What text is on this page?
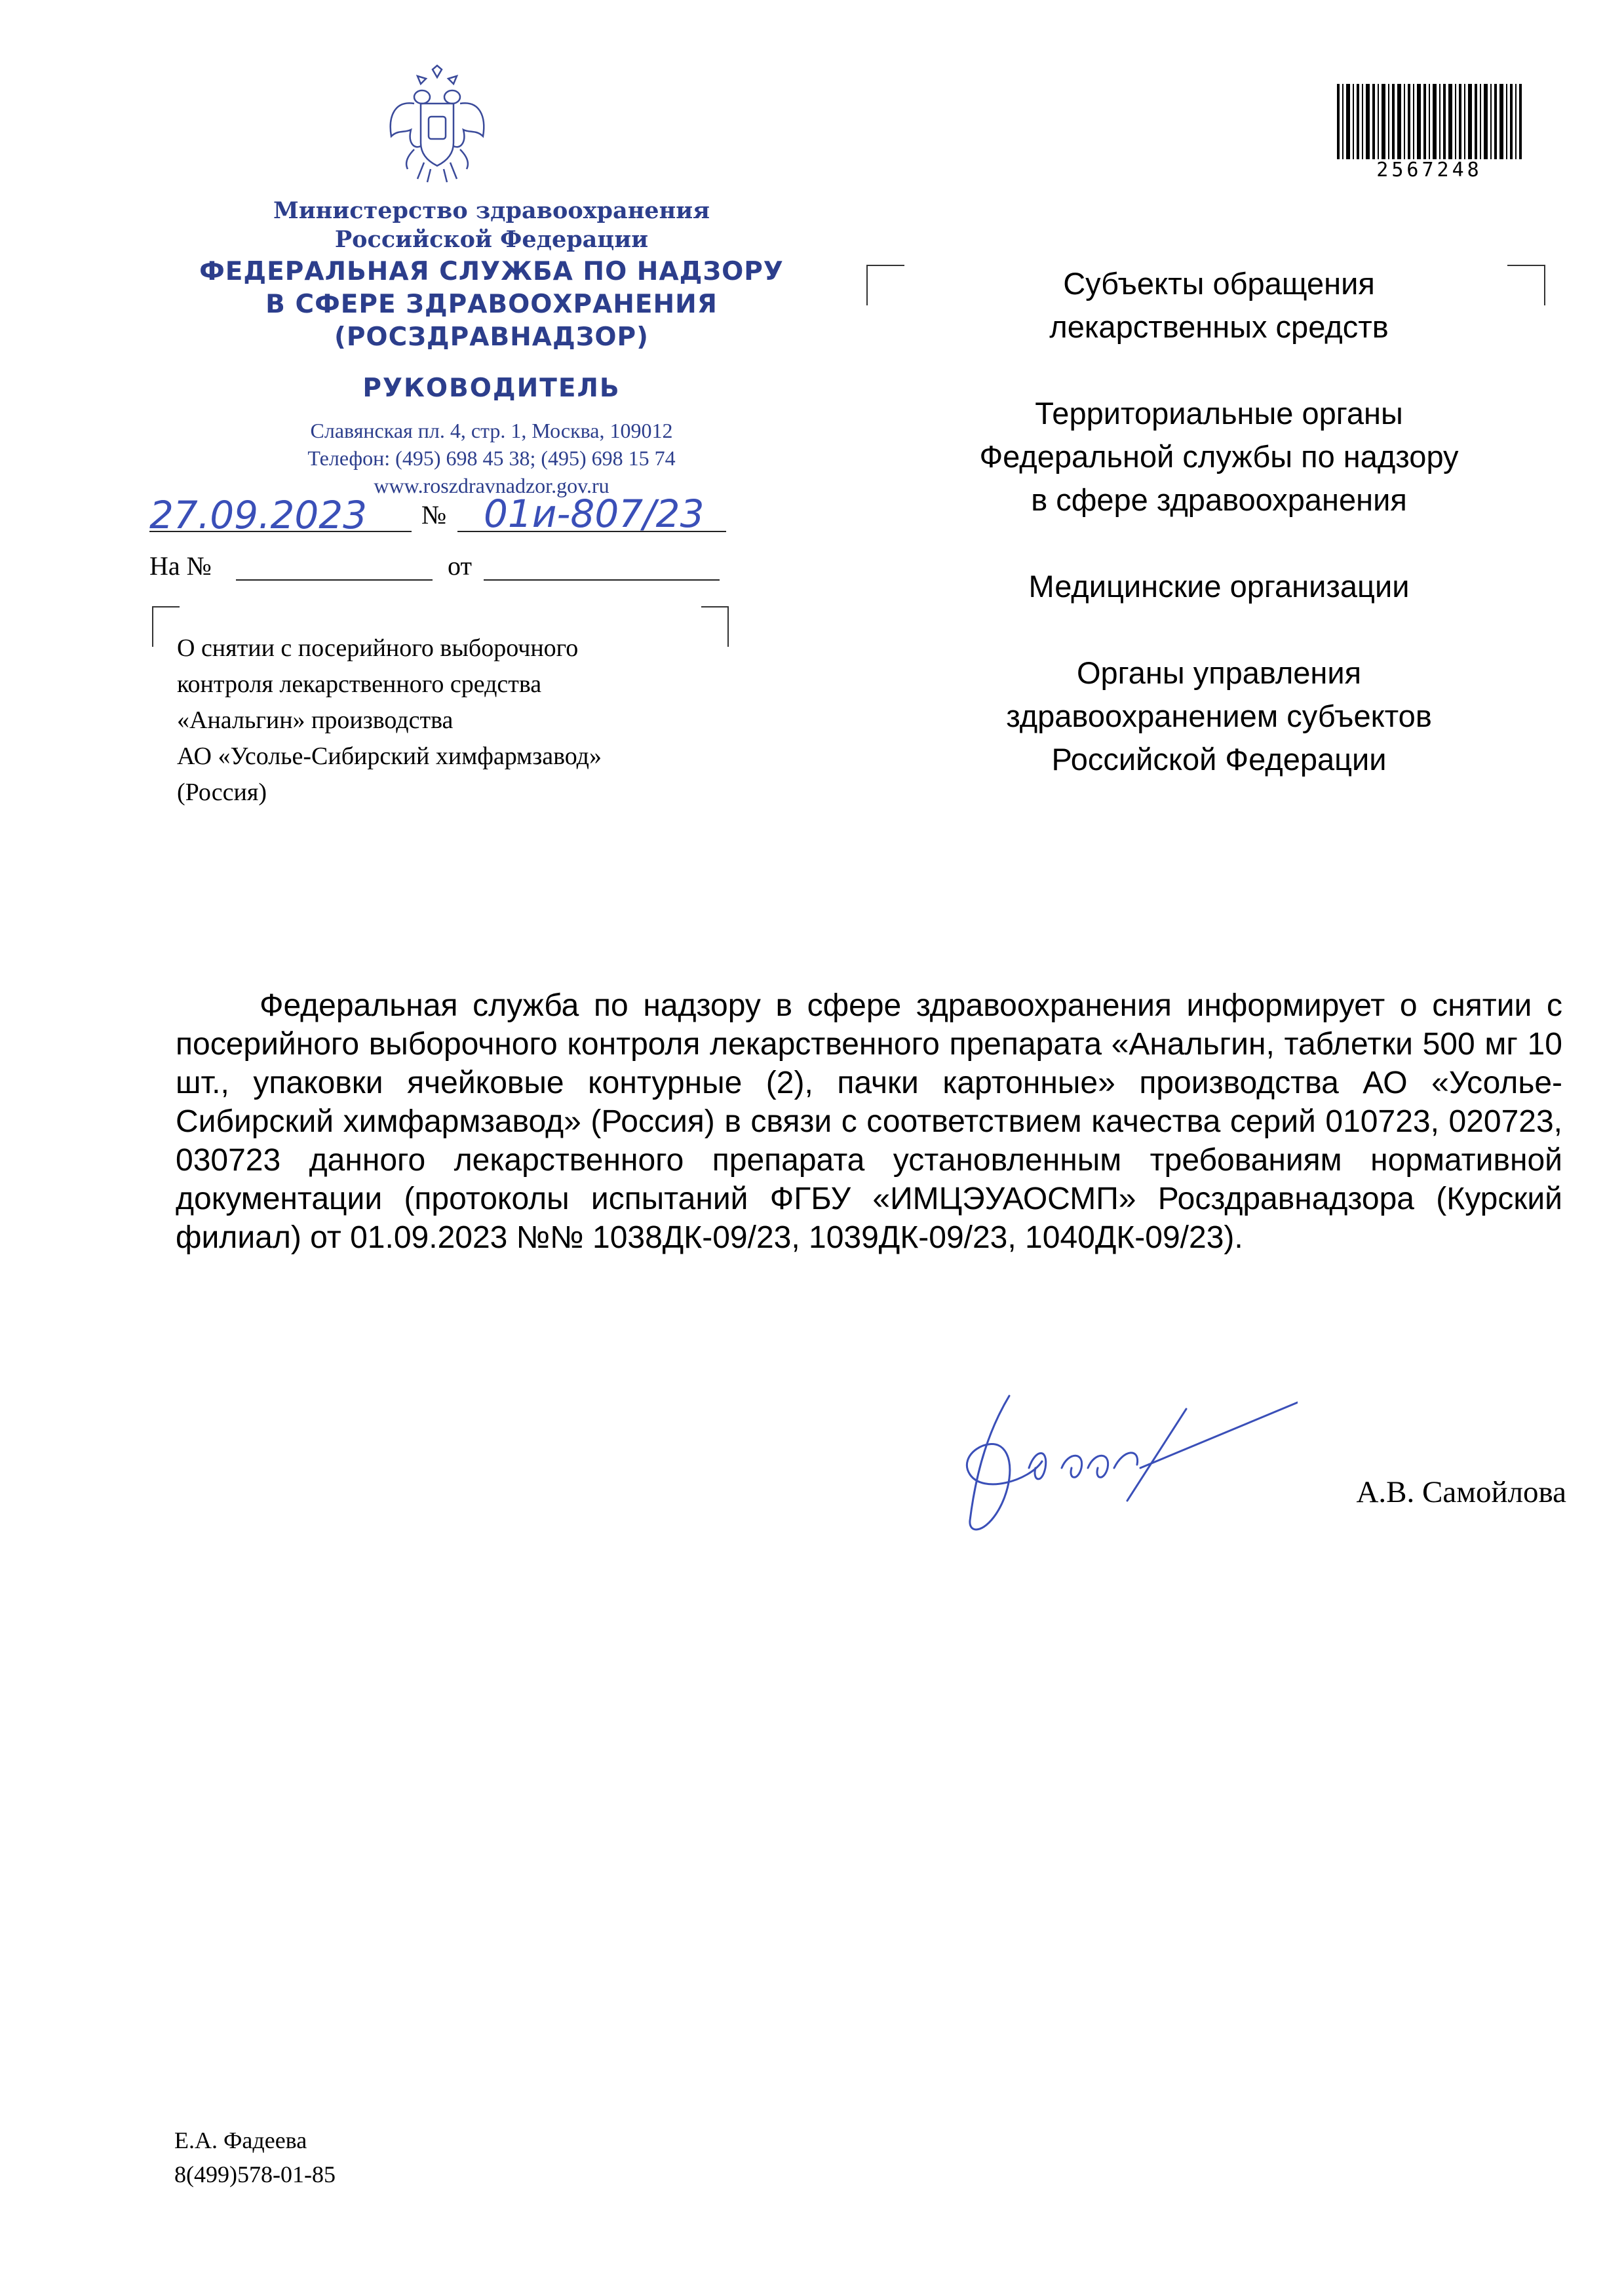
Министерство здравоохранения
Российской Федерации
ФЕДЕРАЛЬНАЯ СЛУЖБА ПО НАДЗОРУ
В СФЕРЕ ЗДРАВООХРАНЕНИЯ
(РОСЗДРАВНАДЗОР)
РУКОВОДИТЕЛЬ
Славянская пл. 4, стр. 1, Москва, 109012
Телефон: (495) 698 45 38; (495) 698 15 74
www.roszdravnadzor.gov.ru
27.09.2023 № 01и-807/23
На №	от
О снятии с посерийного выборочного
контроля лекарственного средства
«Анальгин» производства
АО «Усолье-Сибирский химфармзавод»
(Россия)

Субъекты обращения
лекарственных средств

Территориальные органы
Федеральной службы по надзору
в сфере здравоохранения

Медицинские организации

Органы управления
здравоохранением субъектов
Российской Федерации

2567248
Федеральная служба по надзору в сфере здравоохранения информирует о снятии с посерийного выборочного контроля лекарственного препарата «Анальгин, таблетки 500 мг 10 шт., упаковки ячейковые контурные (2), пачки картонные» производства АО «Усолье-Сибирский химфармзавод» (Россия) в связи с соответствием качества серий 010723, 020723, 030723 данного лекарственного препарата установленным требованиям нормативной документации (протоколы испытаний ФГБУ «ИМЦЭУАОСМП» Росздравнадзора (Курский филиал) от 01.09.2023 №№ 1038ДК-09/23, 1039ДК-09/23, 1040ДК-09/23).
А.В. Самойлова
Е.А. Фадеева
8(499)578-01-85
